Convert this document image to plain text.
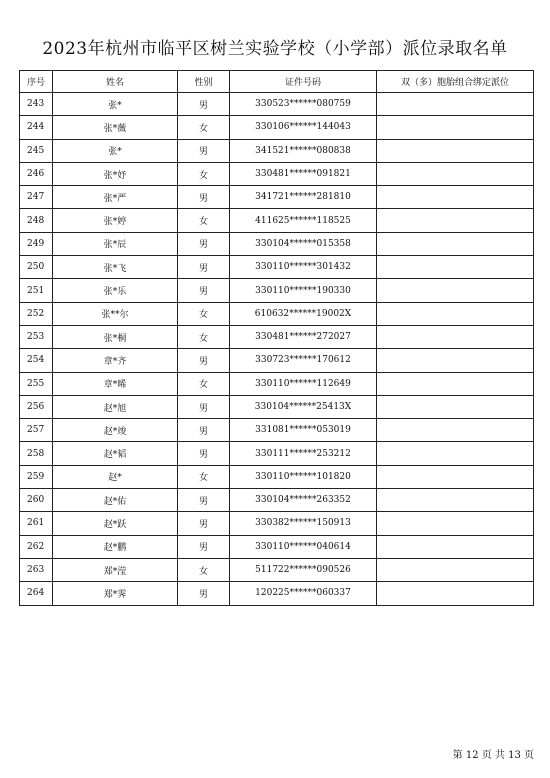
2023年杭州市临平区树兰实验学校（小学部）派位录取名单
序号	姓名	性别	证件号码	双（多）胞胎组合绑定派位
243	张*	男	330523******080759	
244	张*薇	女	330106******144043	
245	张*	男	341521******080838	
246	张*妤	女	330481******091821	
247	张*严	男	341721******281810	
248	张*婷	女	411625******118525	
249	张*辰	男	330104******015358	
250	张*飞	男	330110******301432	
251	张*乐	男	330110******190330	
252	张**尔	女	610632******19002X	
253	张*桐	女	330481******272027	
254	章*齐	男	330723******170612	
255	章*晞	女	330110******112649	
256	赵*旭	男	330104******25413X	
257	赵*竣	男	331081******053019	
258	赵*韬	男	330111******253212	
259	赵*	女	330110******101820	
260	赵*佑	男	330104******263352	
261	赵*跃	男	330382******150913	
262	赵*鹏	男	330110******040614	
263	郑*滢	女	511722******090526	
264	郑*霁	男	120225******060337	
第 12 页 共 13 页
